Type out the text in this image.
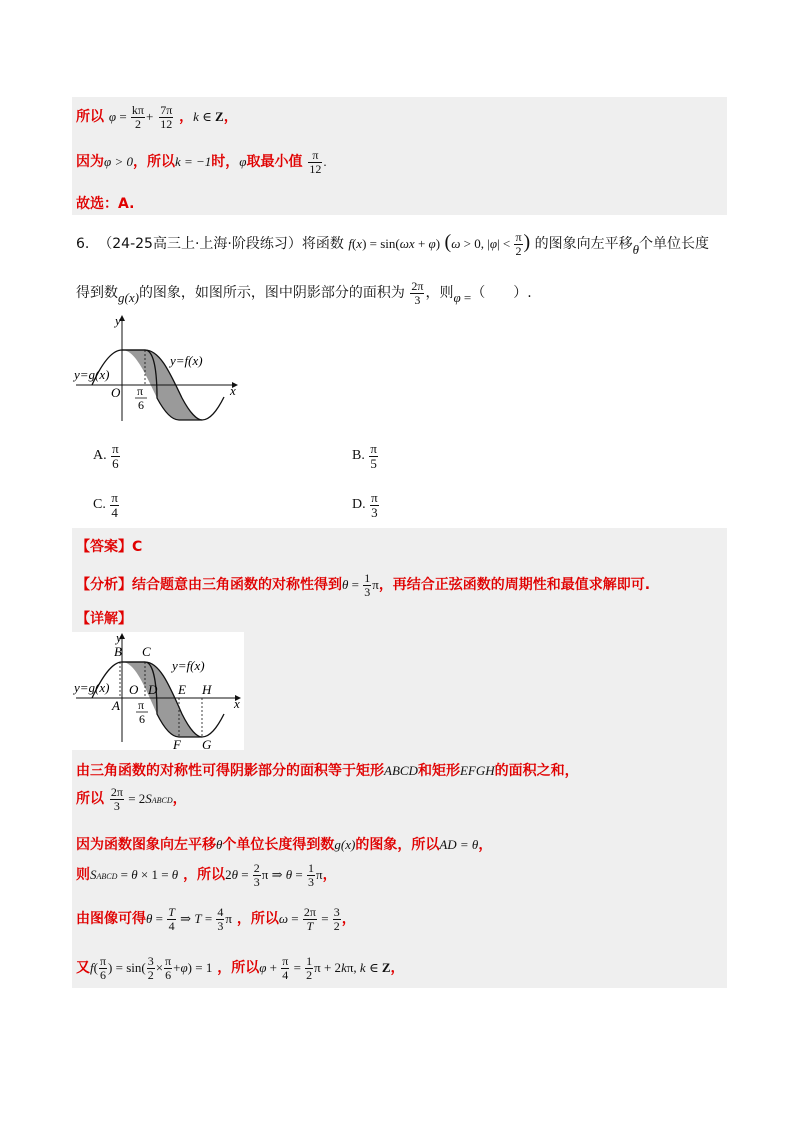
所以 $\varphi = \frac{k\pi}{2} + \frac{7\pi}{12}$ ，k ∈ Z，
因为φ > 0，所以k = −1时，φ取最小值 $\frac{\pi}{12}$ .
故选：A.
6. （24-25高三上·上海·阶段练习）将函数 f(x) = sin(ωx + φ) (ω > 0, $|\varphi| < \frac{\pi}{2}$ ) 的图象向左平移θ个单位长度
得到数g(x)的图象，如图所示，图中阴影部分的面积为 $\frac{2\pi}{3}$ ，则φ =（　　）.
y
x
O
y=f(x)
y=g(x)
π
6
A. $\frac{\pi}{6}$	B. $\frac{\pi}{5}$
C. $\frac{\pi}{4}$	D. $\frac{\pi}{3}$
【答案】C
【分析】结合题意由三角函数的对称性得到$\theta = \frac{1}{3}$ π，再结合正弦函数的周期性和最值求解即可.
【详解】
y
x
O
y=f(x)
y=g(x)
B C
D E H
A
F G
π
6
由三角函数的对称性可得阴影部分的面积等于矩形ABCD和矩形EFGH的面积之和，
所以 $\frac{2\pi}{3}$ = 2SABCD，
因为函数图象向左平移θ个单位长度得到数g(x)的图象，所以AD = θ，
则SABCD = θ × 1 = θ ，所以$2\theta = \frac{2}{3}$ π ⇒ $\theta = \frac{1}{3}$ π，
由图像可得$\theta = \frac{T}{4}$ ⇒ $T = \frac{4}{3}$ π ，所以$\omega = \frac{2\pi}{T} = \frac{3}{2}$ ，
又$f( \frac{\pi}{6}$ ) = $\sin( \frac{3}{2} \times \frac{\pi}{6} +\varphi) = 1$ ，所以$\varphi + \frac{\pi}{4} = \frac{1}{2}$ π + 2kπ, k ∈ Z，
